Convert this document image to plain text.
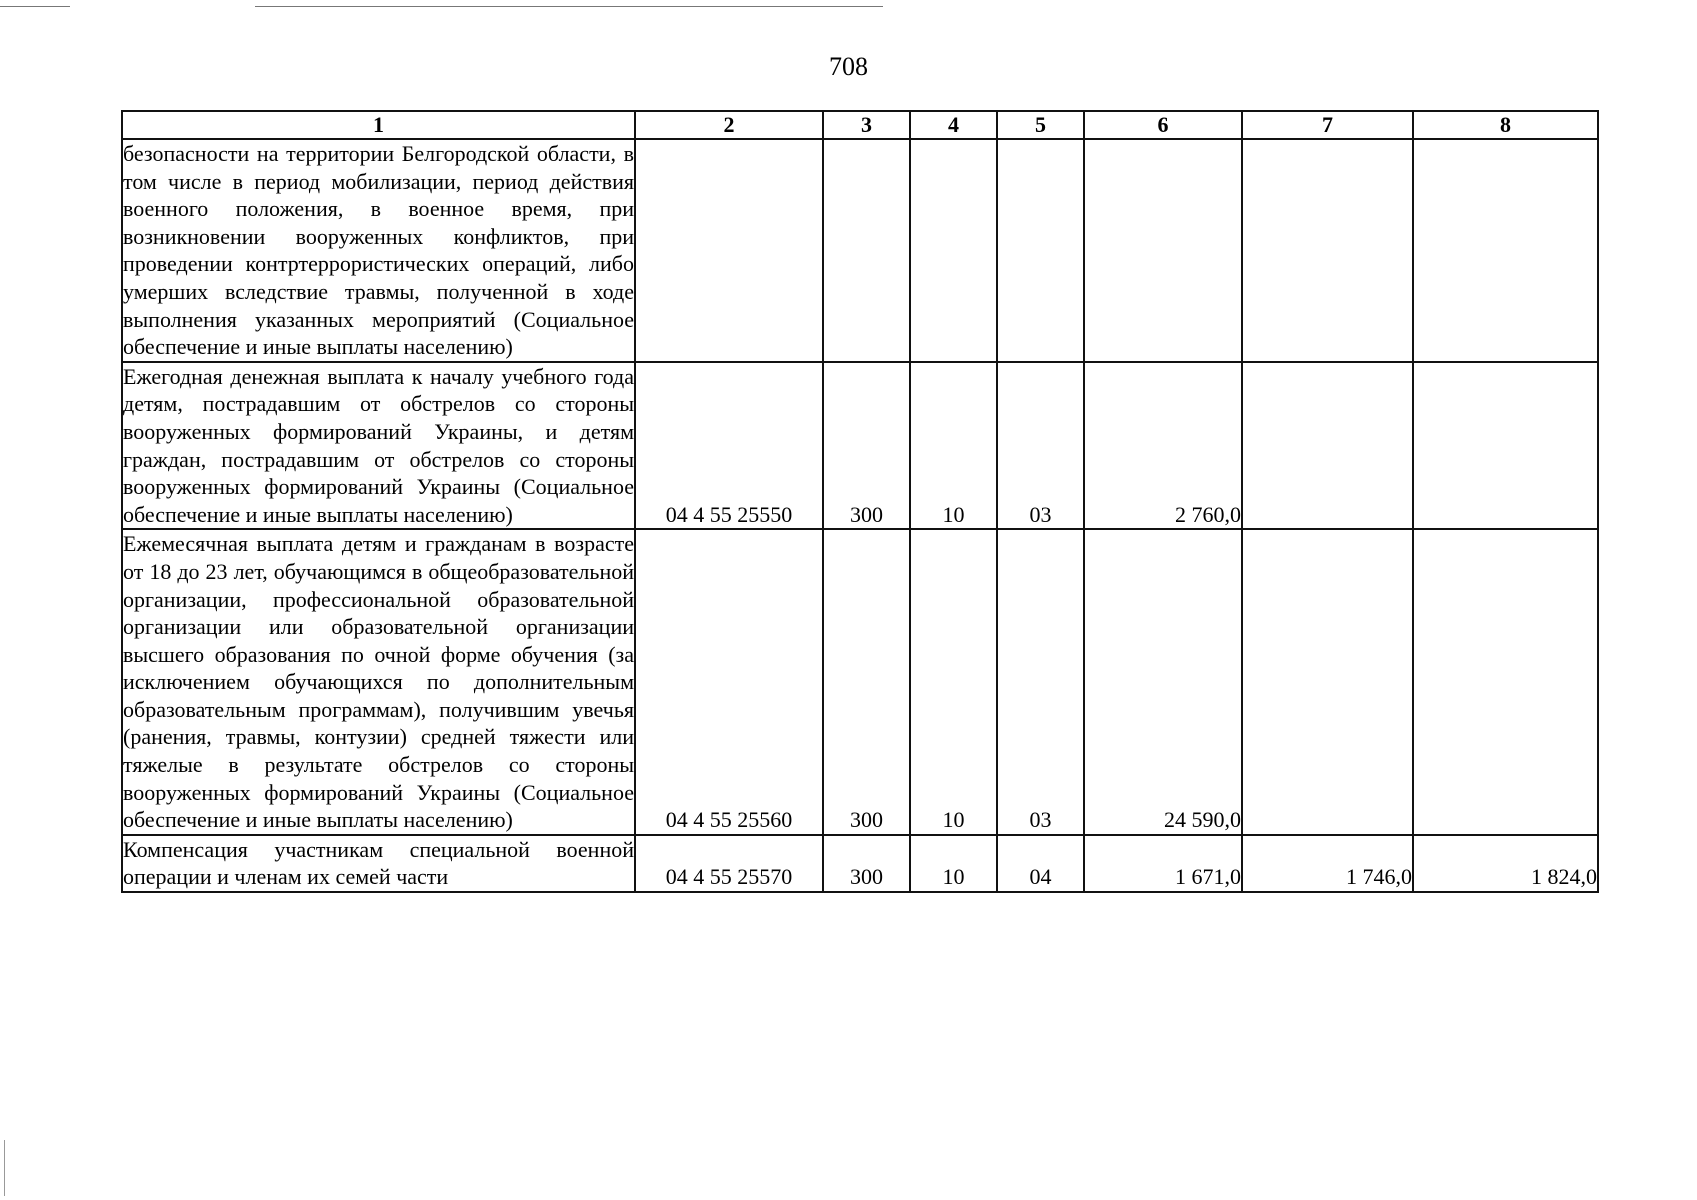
708
1	2	3	4	5	6	7	8
безопасности на территории Белгородской области, в том числе в период мобилизации, период действия военного положения, в военное время, при возникновении вооруженных конфликтов, при проведении контртеррористических операций, либо умерших вследствие травмы, полученной в ходе выполнения указанных мероприятий (Социальное обеспечение и иные выплаты населению)							
Ежегодная денежная выплата к началу учебного года детям, пострадавшим от обстрелов со стороны вооруженных формирований Украины, и детям граждан, пострадавшим от обстрелов со стороны вооруженных формирований Украины (Социальное обеспечение и иные выплаты населению)	04 4 55 25550	300	10	03	2 760,0		
Ежемесячная выплата детям и гражданам в возрасте от 18 до 23 лет, обучающимся в общеобразовательной организации, профессиональной образовательной организации или образовательной организации высшего образования по очной форме обучения (за исключением обучающихся по дополнительным образовательным программам), получившим увечья (ранения, травмы, контузии) средней тяжести или тяжелые в результате обстрелов со стороны вооруженных формирований Украины (Социальное обеспечение и иные выплаты населению)	04 4 55 25560	300	10	03	24 590,0		
Компенсация участникам специальной военной операции и членам их семей части	04 4 55 25570	300	10	04	1 671,0	1 746,0	1 824,0
